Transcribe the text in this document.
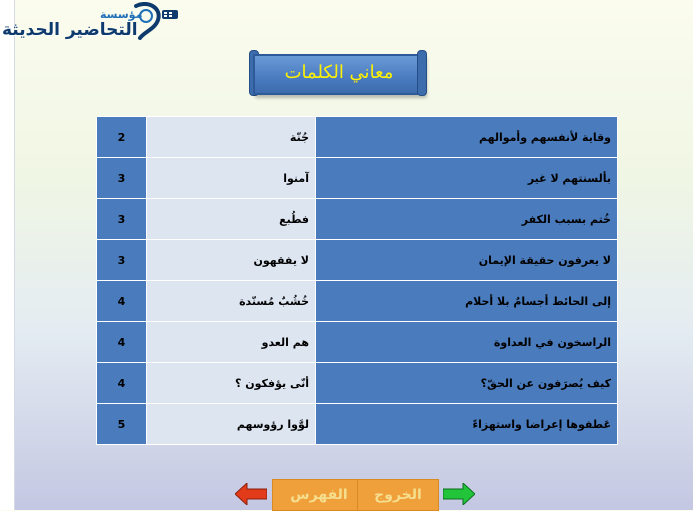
مؤسسة
التحاضير الحديثة
معاني الكلمات
2	جُنّة	وقاية لأنفسهم وأموالهم
3	آمنوا	بألسنتهم لا غير
3	فطُبع	خُتم بسبب الكفر
3	لا يفقهون	لا يعرفون حقيقة الإيمان
4	خُشُبٌ مُسنّدة	إلى الحائط أجسامٌ بلا أحلام
4	هم العدو	الراسخون في العداوة
4	أنّى يؤفكون ؟	كيف يُصرَفون عن الحقّ؟
5	لوَّوا رؤوسهم	عَطفوها إعراضا واستهزاءً
الفهرس	الخروج
